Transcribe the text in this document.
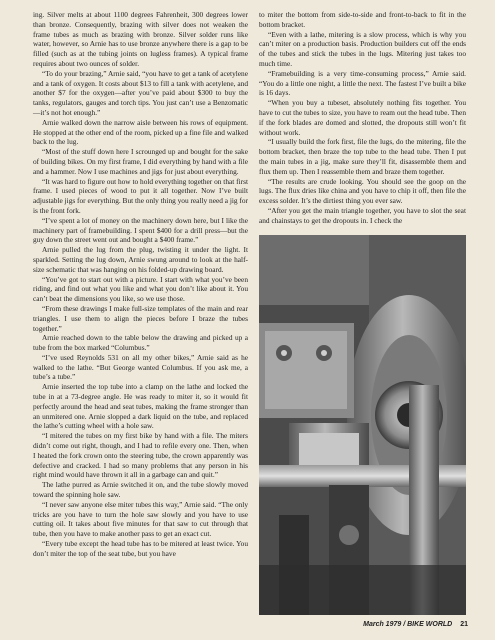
ing. Silver melts at about 1100 degrees Fahrenheit, 300 degrees lower than bronze. Consequently, brazing with silver does not weaken the frame tubes as much as brazing with bronze. Silver solder runs like water, however, so Arnie has to use bronze anywhere there is a gap to be filled (such as at the tubing joints on lugless frames). A typical frame requires about two ounces of solder.

“To do your brazing,” Arnie said, “you have to get a tank of acetylene and a tank of oxygen. It costs about $13 to fill a tank with acetylene, and another $7 for the oxygen—after you’ve paid about $300 to buy the tanks, regulators, gauges and torch tips. You just can’t use a Benzomatic—it’s not hot enough.”

Arnie walked down the narrow aisle between his rows of equipment. He stopped at the other end of the room, picked up a fine file and walked back to the lug.

“Most of the stuff down here I scrounged up and bought for the sake of building bikes. On my first frame, I did everything by hand with a file and a hammer. Now I use machines and jigs for just about everything.

“It was hard to figure out how to hold everything together on that first frame. I used pieces of wood to put it all together. Now I’ve built adjustable jigs for everything. But the only thing you really need a jig for is the front fork.

“I’ve spent a lot of money on the machinery down here, but I like the machinery part of framebuilding. I spent $400 for a drill press—but the guy down the street went out and bought a $400 frame.”

Arnie pulled the lug from the plug, twisting it under the light. It sparkled. Setting the lug down, Arnie swung around to look at the half-size schematic that was hanging on his folded-up drawing board.

“You’ve got to start out with a picture. I start with what you’ve been riding, and find out what you like and what you don’t like about it. You can’t beat the dimensions you like, so we use those.

“From these drawings I make full-size templates of the main and rear triangles. I use them to align the pieces before I braze the tubes together.”

Arnie reached down to the table below the drawing and picked up a tube from the box marked “Columbus.”

“I’ve used Reynolds 531 on all my other bikes,” Arnie said as he walked to the lathe. “But George wanted Columbus. If you ask me, a tube’s a tube.”

Arnie inserted the top tube into a clamp on the lathe and locked the tube in at a 73-degree angle. He was ready to miter it, so it would fit perfectly around the head and seat tubes, making the frame stronger than an unmitered one. Arnie slopped a dark liquid on the tube, and replaced the lathe’s cutting wheel with a hole saw.

“I mitered the tubes on my first bike by hand with a file. The miters didn’t come out right, though, and I had to refile every one. Then, when I heated the fork crown onto the steering tube, the crown apparently was defective and cracked. I had so many problems that any person in his right mind would have thrown it all in a garbage can and quit.”

The lathe purred as Arnie switched it on, and the tube slowly moved toward the spinning hole saw.

“I never saw anyone else miter tubes this way,” Arnie said. “The only tricks are you have to turn the hole saw slowly and you have to use cutting oil. It takes about five minutes for that saw to cut through that tube, then you have to make another pass to get an exact cut.

“Every tube except the head tube has to be mitered at least twice. You don’t miter the top of the seat tube, but you have

to miter the bottom from side-to-side and front-to-back to fit in the bottom bracket.

“Even with a lathe, mitering is a slow process, which is why you can’t miter on a production basis. Production builders cut off the ends of the tubes and stick the tubes in the lugs. Mitering just takes too much time.

“Framebuilding is a very time-consuming process,” Arnie said. “You do a little one night, a little the next. The fastest I’ve built a bike is 16 days.

“When you buy a tubeset, absolutely nothing fits together. You have to cut the tubes to size, you have to ream out the head tube. Then if the fork blades are domed and slotted, the dropouts still won’t fit without work.

“I usually build the fork first, file the lugs, do the mitering, file the bottom bracket, then braze the top tube to the head tube. Then I put the main tubes in a jig, make sure they’ll fit, disassemble them and flux them up. Then I reassemble them and braze them together.

“The results are crude looking. You should see the goop on the lugs. The flux dries like china and you have to chip it off, then file the excess solder. It’s the dirtiest thing you ever saw.

“After you get the main triangle together, you have to slot the seat and chainstays to get the dropouts in. I check the

March 1979 / BIKE WORLD 21
